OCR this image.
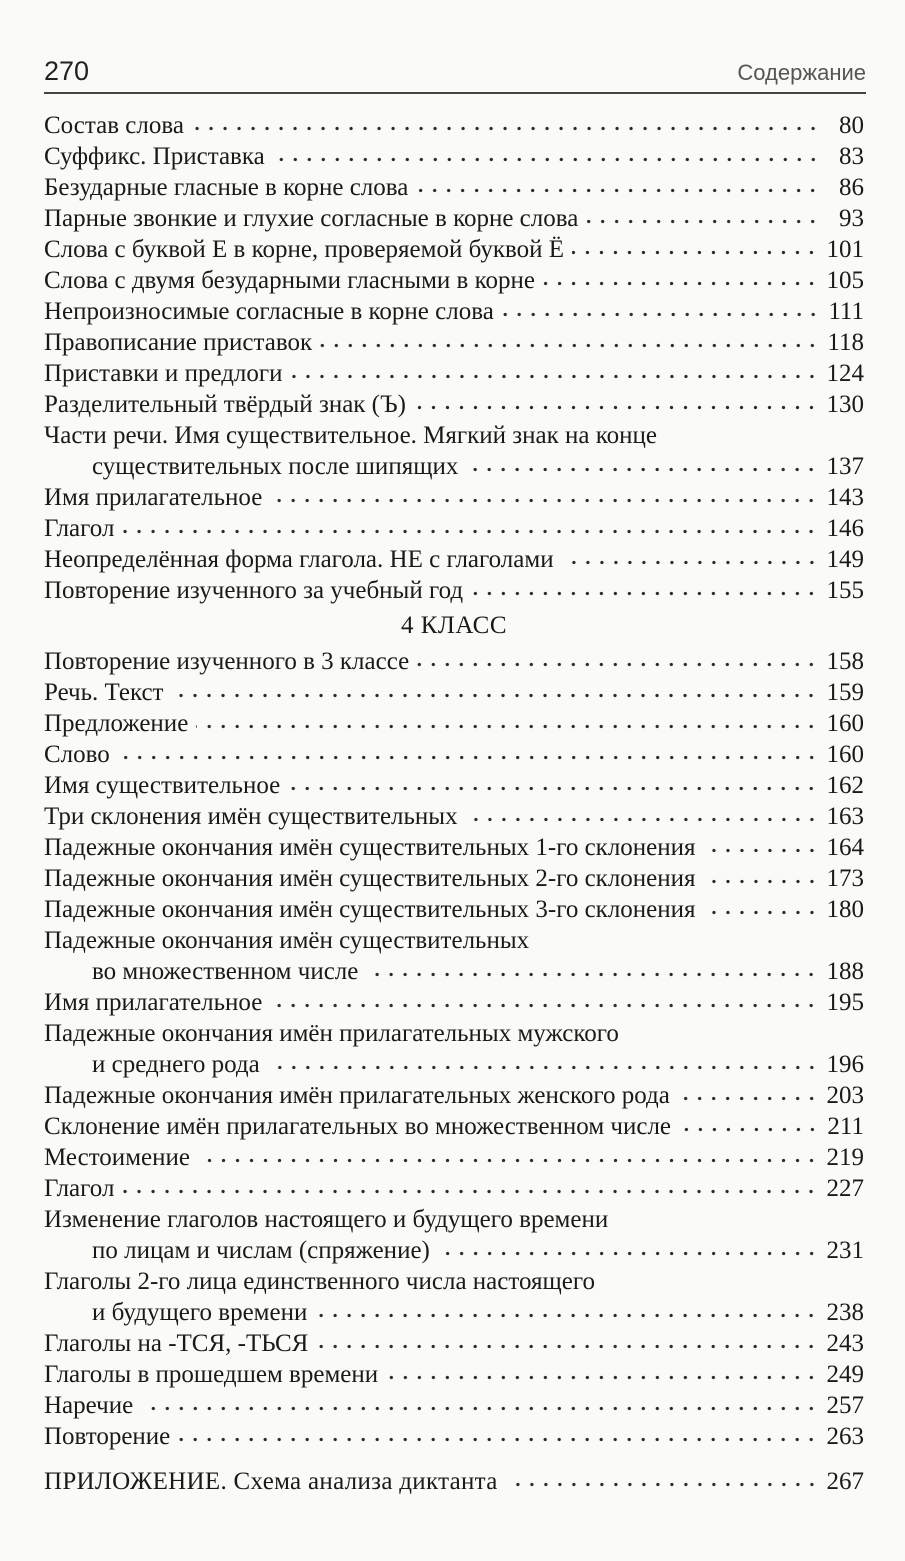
270	Содержание
Состав слова	80
Суффикс. Приставка	83
Безударные гласные в корне слова	86
Парные звонкие и глухие согласные в корне слова	93
Слова с буквой Е в корне, проверяемой буквой Ё	101
Слова с двумя безударными гласными в корне	105
Непроизносимые согласные в корне слова	111
Правописание приставок	118
Приставки и предлоги	124
Разделительный твёрдый знак (Ъ)	130
Части речи. Имя существительное. Мягкий знак на конце
существительных после шипящих	137
Имя прилагательное	143
Глагол	146
Неопределённая форма глагола. НЕ с глаголами	149
Повторение изученного за учебный год	155
4 КЛАСС
Повторение изученного в 3 классе	158
Речь. Текст	159
Предложение	160
Слово	160
Имя существительное	162
Три склонения имён существительных	163
Падежные окончания имён существительных 1-го склонения	164
Падежные окончания имён существительных 2-го склонения	173
Падежные окончания имён существительных 3-го склонения	180
Падежные окончания имён существительных
во множественном числе	188
Имя прилагательное	195
Падежные окончания имён прилагательных мужского
и среднего рода	196
Падежные окончания имён прилагательных женского рода	203
Склонение имён прилагательных во множественном числе	211
Местоимение	219
Глагол	227
Изменение глаголов настоящего и будущего времени
по лицам и числам (спряжение)	231
Глаголы 2-го лица единственного числа настоящего
и будущего времени	238
Глаголы на -ТСЯ, -ТЬСЯ	243
Глаголы в прошедшем времени	249
Наречие	257
Повторение	263
ПРИЛОЖЕНИЕ. Схема анализа диктанта	267
